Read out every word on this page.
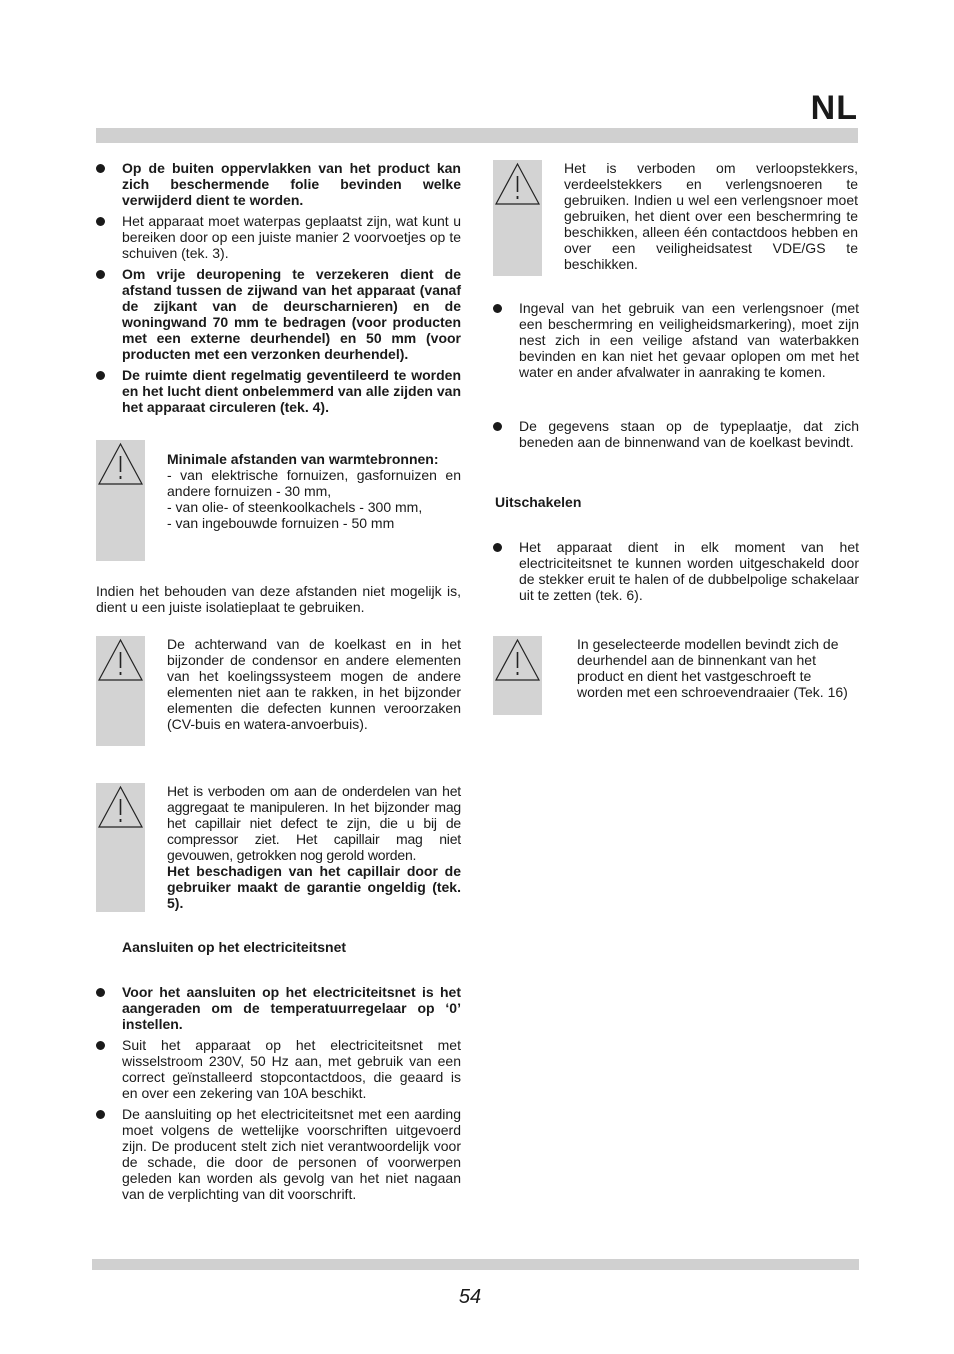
NL
Op de buiten oppervlakken van het product kan zich beschermende folie bevinden welke verwijderd dient te worden.
Het apparaat moet waterpas geplaatst zijn, wat kunt u bereiken door op een juiste manier 2 voorvoetjes op te schuiven (tek. 3).
Om vrije deuropening te verzekeren dient de afstand tussen de zijwand van het apparaat (vanaf de zijkant van de deurscharnieren) en de woningwand 70 mm te bedragen (voor producten met een externe deurhendel) en 50 mm (voor producten met een verzonken deurhendel).
De ruimte dient regelmatig geventileerd te worden en het lucht dient onbelemmerd van alle zijden van het apparaat circuleren (tek. 4).
Minimale afstanden van warmtebronnen:
- van elektrische fornuizen, gasfornuizen en andere fornuizen - 30 mm,
- van olie- of steenkoolkachels - 300 mm,
- van ingebouwde fornuizen - 50 mm
Indien het behouden van deze afstanden niet mogelijk is, dient u een juiste isolatieplaat te gebruiken.
De achterwand van de koelkast en in het bijzonder de condensor en andere elementen van het koelingssysteem mogen de andere elementen niet aan te rakken, in het bijzonder elementen die defecten kunnen veroorzaken (CV-buis en watera-anvoerbuis).
Het is verboden om aan de onderdelen van het aggregaat te manipuleren. In het bijzonder mag het capillair niet defect te zijn, die u bij de compressor ziet. Het capillair mag niet gevouwen, getrokken nog gerold worden.
Het beschadigen van het capillair door de gebruiker maakt de garantie ongeldig (tek. 5).
Aansluiten op het electriciteitsnet
Voor het aansluiten op het electriciteitsnet is het aangeraden om de temperatuurregelaar op ‘0’ instellen.
Suit het apparaat op het electriciteitsnet met wisselstroom 230V, 50 Hz aan, met gebruik van een correct geïnstalleerd stopcontactdoos, die geaard is en over een zekering van 10A beschikt.
De aansluiting op het electriciteitsnet met een aarding moet volgens de wettelijke voorschriften uitgevoerd zijn. De producent stelt zich niet verantwoordelijk voor de schade, die door de personen of voorwerpen geleden kan worden als gevolg van het niet nagaan van de verplichting van dit voorschrift.
Het is verboden om verloopstekkers, verdeelstekkers en verlengsnoeren te gebruiken. Indien u wel een verlengsnoer moet gebruiken, het dient over een beschermring te beschikken, alleen één contactdoos hebben en over een veiligheidsatest VDE/GS te beschikken.
Ingeval van het gebruik van een verlengsnoer (met een beschermring en veiligheidsmarkering), moet zijn nest zich in een veilige afstand van waterbakken bevinden en kan niet het gevaar oplopen om met het water en ander afvalwater in aanraking te komen.
De gegevens staan op de typeplaatje, dat zich beneden aan de binnenwand van de koelkast bevindt.
Uitschakelen
Het apparaat dient in elk moment van het electriciteitsnet te kunnen worden uitgeschakeld door de stekker eruit te halen of de dubbelpolige schakelaar uit te zetten (tek. 6).
In geselecteerde modellen bevindt zich de deurhendel aan de binnenkant van het product en dient het vastgeschroeft te worden met een schroevendraaier (Tek. 16)
54
